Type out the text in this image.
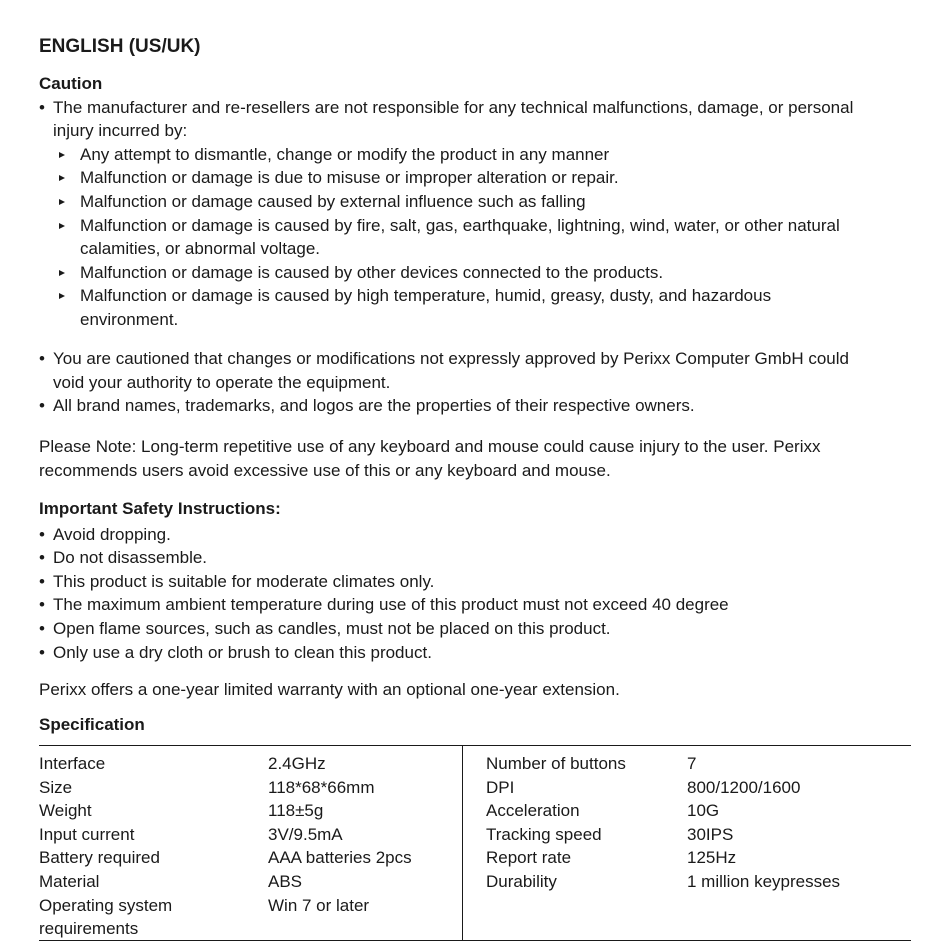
ENGLISH (US/UK)
Caution
• The manufacturer and re-resellers are not responsible for any technical malfunctions, damage, or personal
injury incurred by:
Any attempt to dismantle, change or modify the product in any manner
Malfunction or damage is due to misuse or improper alteration or repair.
Malfunction or damage caused by external influence such as falling
Malfunction or damage is caused by fire, salt, gas, earthquake, lightning, wind, water, or other natural
calamities, or abnormal voltage.
Malfunction or damage is caused by other devices connected to the products.
Malfunction or damage is caused by high temperature, humid, greasy, dusty, and hazardous
environment.
• You are cautioned that changes or modifications not expressly approved by Perixx Computer GmbH could
void your authority to operate the equipment.
• All brand names, trademarks, and logos are the properties of their respective owners.
Please Note: Long-term repetitive use of any keyboard and mouse could cause injury to the user. Perixx
recommends users avoid excessive use of this or any keyboard and mouse.
Important Safety Instructions:
• Avoid dropping.
• Do not disassemble.
• This product is suitable for moderate climates only.
• The maximum ambient temperature during use of this product must not exceed 40 degree
• Open flame sources, such as candles, must not be placed on this product.
• Only use a dry cloth or brush to clean this product.
Perixx offers a one-year limited warranty with an optional one-year extension.
Specification
Interface
Size
Weight
Input current
Battery required
Material
Operating system
requirements
2.4GHz
118*68*66mm
118±5g
3V/9.5mA
AAA batteries 2pcs
ABS
Win 7 or later
Number of buttons
DPI
Acceleration
Tracking speed
Report rate
Durability
7
800/1200/1600
10G
30IPS
125Hz
1 million keypresses
